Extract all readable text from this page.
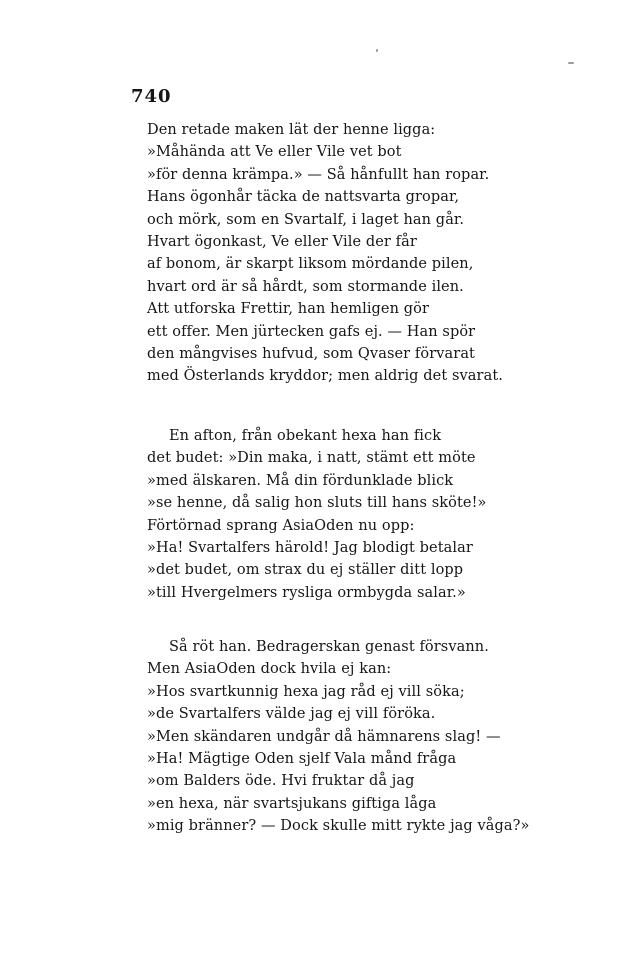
740
Den retade maken lät der henne ligga:
»Måhända att Ve eller Vile vet bot
»för denna krämpa.» — Så hånfullt han ropar.
Hans ögonhår täcka de nattsvarta gropar,
och mörk, som en Svartalf, i laget han går.
Hvart ögonkast, Ve eller Vile der får
af bonom, är skarpt liksom mördande pilen,
hvart ord är så hårdt, som stormande ilen.
Att utforska Frettir, han hemligen gör
ett offer. Men jürtecken gafs ej. — Han spör
den mångvises hufvud, som Qvaser förvarat
med Österlands kryddor; men aldrig det svarat.
En afton, från obekant hexa han fick
det budet: »Din maka, i natt, stämt ett möte
»med älskaren. Må din fördunklade blick
»se henne, då salig hon sluts till hans sköte!»
Förtörnad sprang AsiaOden nu opp:
»Ha! Svartalfers härold! Jag blodigt betalar
»det budet, om strax du ej ställer ditt lopp
»till Hvergelmers rysliga ormbygda salar.»
Så röt han. Bedragerskan genast försvann.
Men AsiaOden dock hvila ej kan:
»Hos svartkunnig hexa jag råd ej vill söka;
»de Svartalfers välde jag ej vill föröka.
»Men skändaren undgår då hämnarens slag! —
»Ha! Mägtige Oden sjelf Vala månd fråga
»om Balders öde. Hvi fruktar då jag
»en hexa, när svartsjukans giftiga låga
»mig bränner? — Dock skulle mitt rykte jag våga?»
